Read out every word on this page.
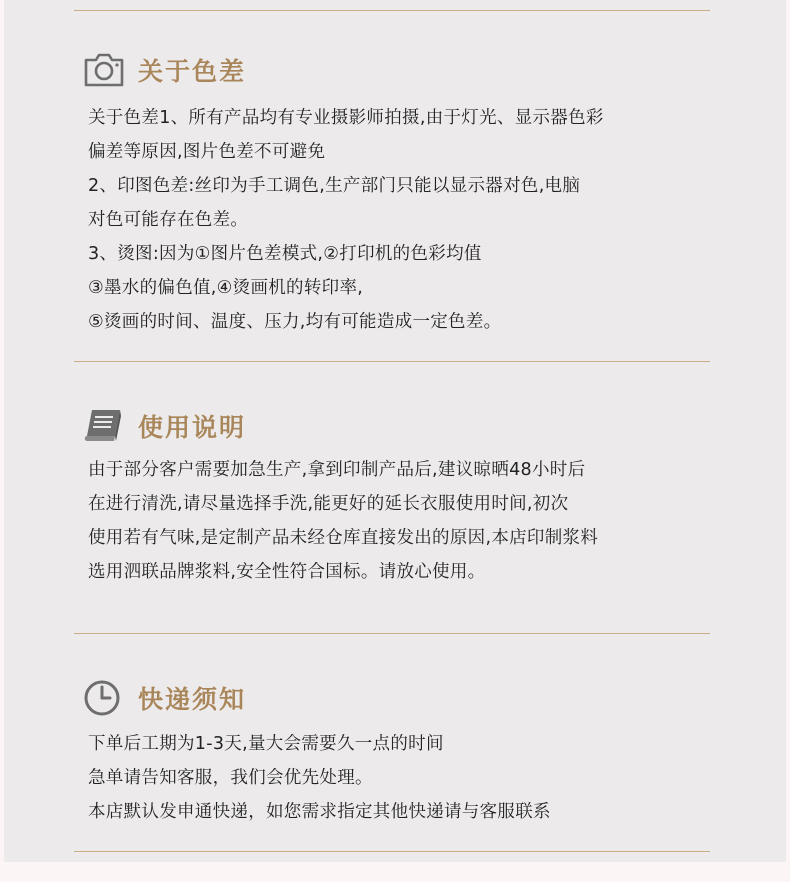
关于色差
关于色差1、所有产品均有专业摄影师拍摄,由于灯光、显示器色彩
偏差等原因,图片色差不可避免
2、印图色差:丝印为手工调色,生产部门只能以显示器对色,电脑
对色可能存在色差。
3、烫图:因为①图片色差模式,②打印机的色彩均值
③墨水的偏色值,④烫画机的转印率,
⑤烫画的时间、温度、压力,均有可能造成一定色差。
使用说明
由于部分客户需要加急生产,拿到印制产品后,建议晾晒48小时后
在进行清洗,请尽量选择手洗,能更好的延长衣服使用时间,初次
使用若有气味,是定制产品未经仓库直接发出的原因,本店印制浆料
选用泗联品牌浆料,安全性符合国标。请放心使用。
快递须知
下单后工期为1-3天,量大会需要久一点的时间
急单请告知客服，我们会优先处理。
本店默认发申通快递，如您需求指定其他快递请与客服联系
